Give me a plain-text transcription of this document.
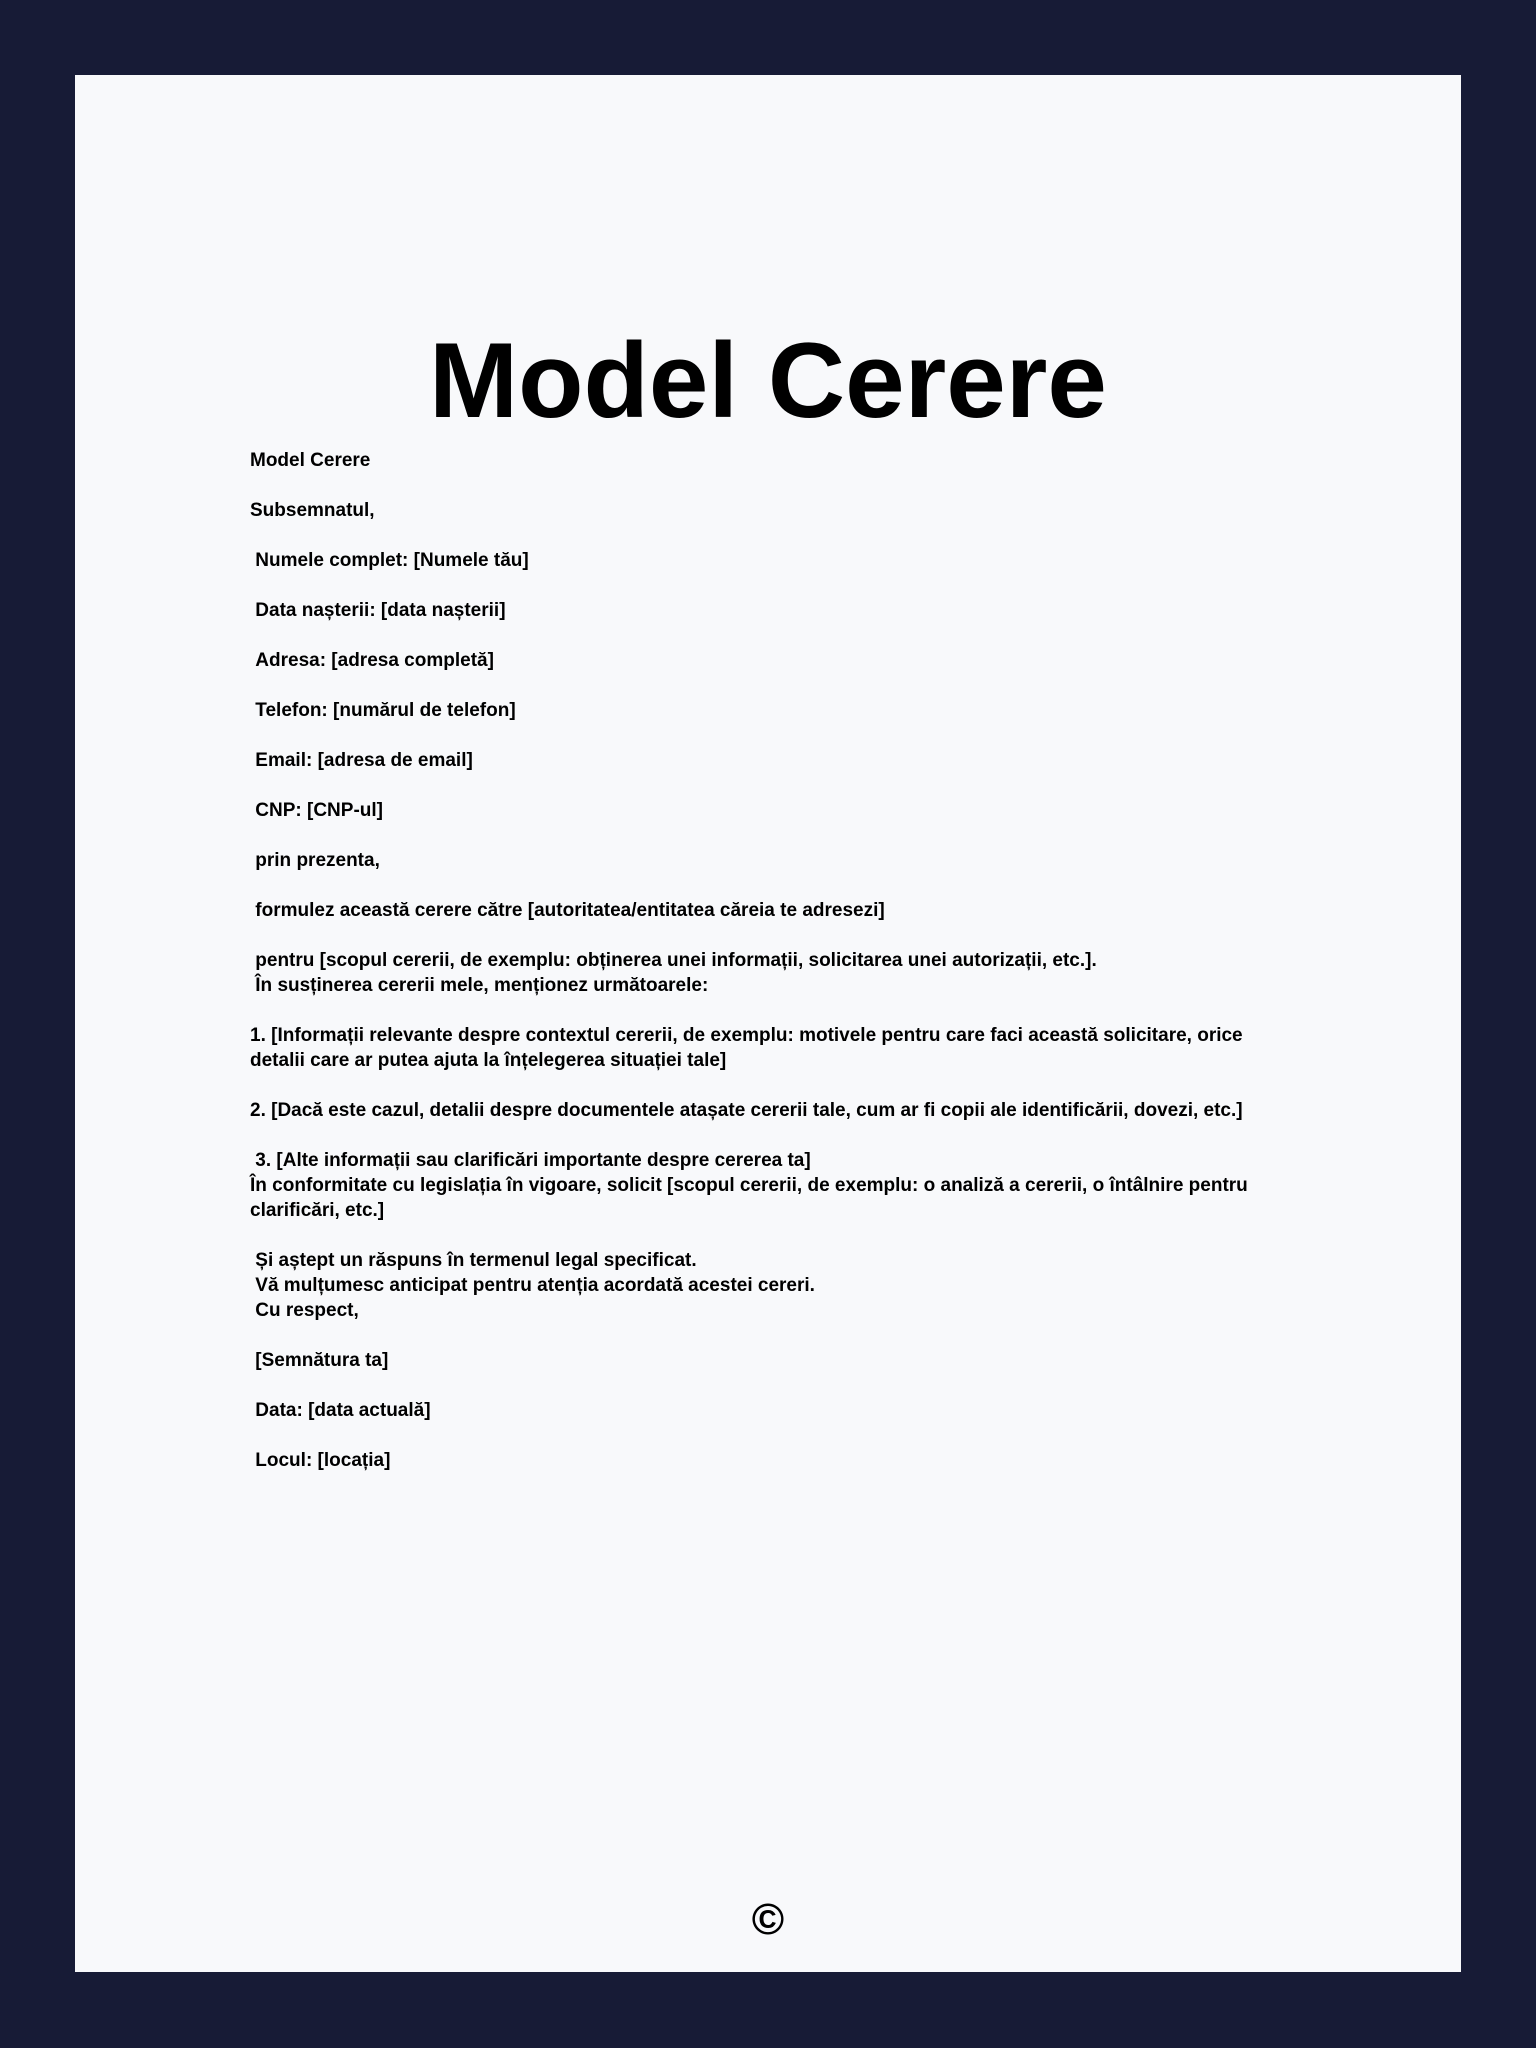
Model Cerere
Model Cerere

Subsemnatul,

Numele complet: [Numele tău]

Data nașterii: [data nașterii]

Adresa: [adresa completă]

Telefon: [numărul de telefon]

Email: [adresa de email]

CNP: [CNP-ul]

prin prezenta,

formulez această cerere către [autoritatea/entitatea căreia te adresezi]

pentru [scopul cererii, de exemplu: obținerea unei informații, solicitarea unei autorizații, etc.].
În susținerea cererii mele, menționez următoarele:

1. [Informații relevante despre contextul cererii, de exemplu: motivele pentru care faci această solicitare, orice detalii care ar putea ajuta la înțelegerea situației tale]

2. [Dacă este cazul, detalii despre documentele atașate cererii tale, cum ar fi copii ale identificării, dovezi, etc.]

3. [Alte informații sau clarificări importante despre cererea ta]
În conformitate cu legislația în vigoare, solicit [scopul cererii, de exemplu: o analiză a cererii, o întâlnire pentru clarificări, etc.]

Și aștept un răspuns în termenul legal specificat.
Vă mulțumesc anticipat pentru atenția acordată acestei cereri.
Cu respect,

[Semnătura ta]

Data: [data actuală]

Locul: [locația]
©
